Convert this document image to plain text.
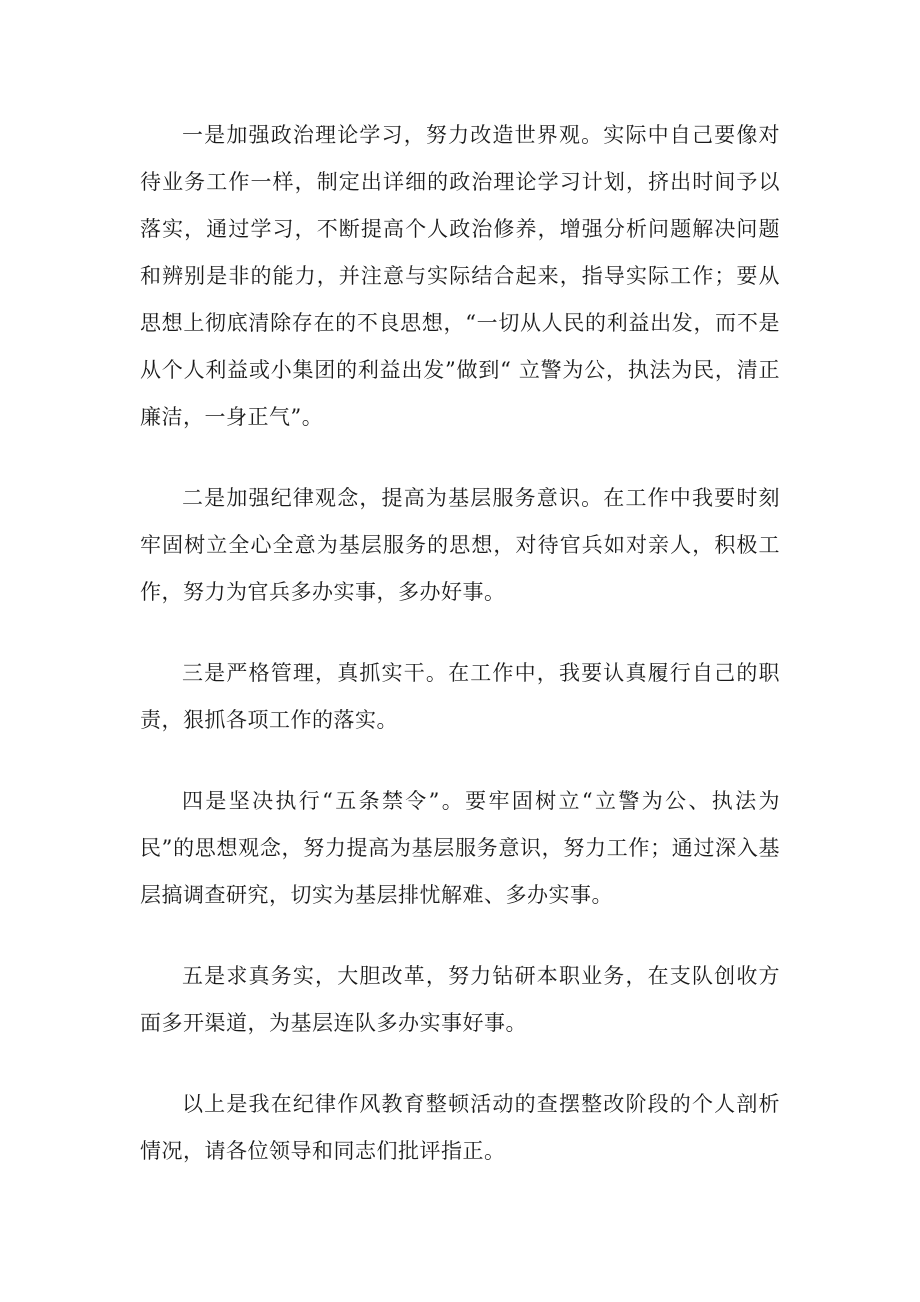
一是加强政治理论学习，努力改造世界观。实际中自己要像对待业务工作一样，制定出详细的政治理论学习计划，挤出时间予以落实，通过学习，不断提高个人政治修养，增强分析问题解决问题和辨别是非的能力，并注意与实际结合起来，指导实际工作；要从思想上彻底清除存在的不良思想，“一切从人民的利益出发，而不是从个人利益或小集团的利益出发”做到“ 立警为公，执法为民，清正廉洁，一身正气”。

二是加强纪律观念，提高为基层服务意识。在工作中我要时刻牢固树立全心全意为基层服务的思想，对待官兵如对亲人，积极工作，努力为官兵多办实事，多办好事。

三是严格管理，真抓实干。在工作中，我要认真履行自己的职责，狠抓各项工作的落实。

四是坚决执行“五条禁令”。要牢固树立“立警为公、执法为民”的思想观念，努力提高为基层服务意识，努力工作；通过深入基层搞调查研究，切实为基层排忧解难、多办实事。

五是求真务实，大胆改革，努力钻研本职业务，在支队创收方面多开渠道，为基层连队多办实事好事。

以上是我在纪律作风教育整顿活动的查摆整改阶段的个人剖析情况，请各位领导和同志们批评指正。
